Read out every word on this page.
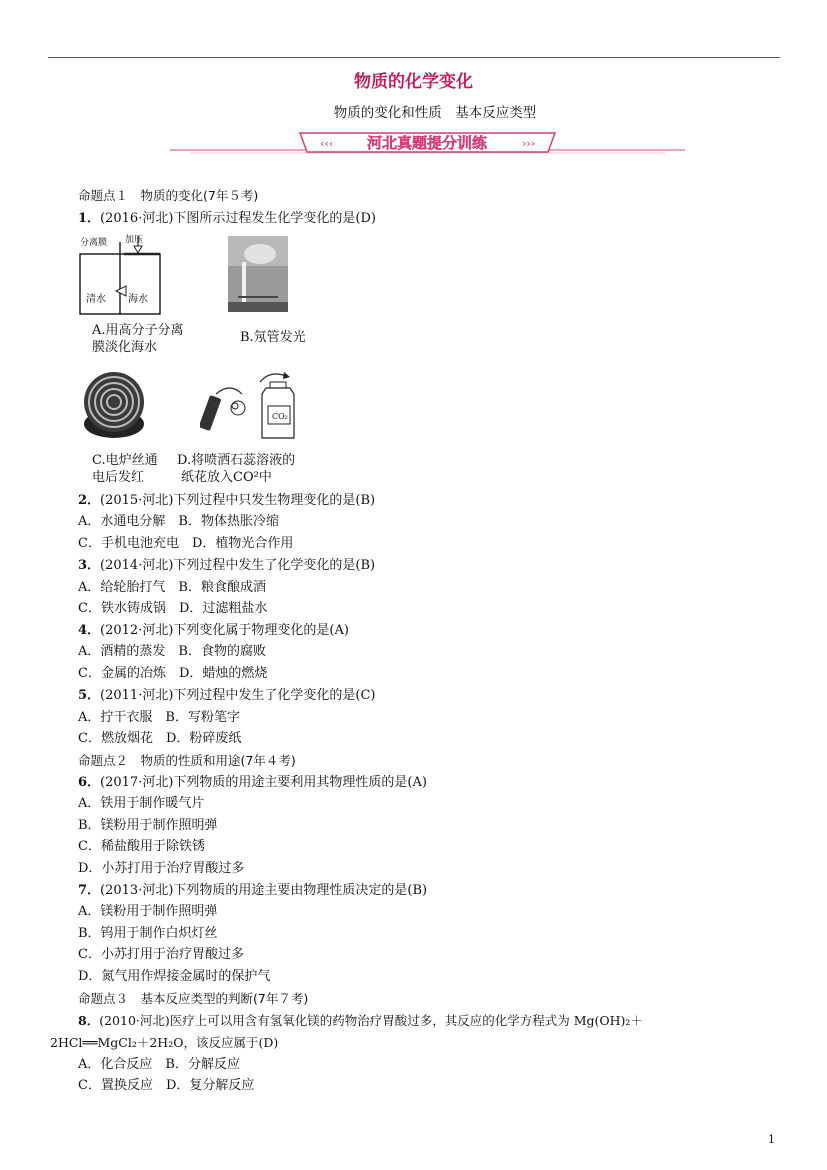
物质的化学变化
物质的变化和性质　基本反应类型
‹‹‹	›››
河北真题提分训练
命题点１　物质的变化(7年５考)
1．(2016·河北)下图所示过程发生化学变化的是(D)
分离膜 加压
清水 海水
A.用高分子分离
膜淡化海水
B.氖管发光
CO₂
C.电炉丝通
电后发红
D.将喷洒石蕊溶液的
纸花放入CO²中
2．(2015·河北)下列过程中只发生物理变化的是(B)
A．水通电分解　B．物体热胀冷缩
C．手机电池充电　D．植物光合作用
3．(2014·河北)下列过程中发生了化学变化的是(B)
A．给轮胎打气　B．粮食酿成酒
C．铁水铸成锅　D．过滤粗盐水
4．(2012·河北)下列变化属于物理变化的是(A)
A．酒精的蒸发　B．食物的腐败
C．金属的冶炼　D．蜡烛的燃烧
5．(2011·河北)下列过程中发生了化学变化的是(C)
A．拧干衣服　B．写粉笔字
C．燃放烟花　D．粉碎废纸
命题点２　物质的性质和用途(7年４考)
6．(2017·河北)下列物质的用途主要利用其物理性质的是(A)
A．铁用于制作暖气片
B．镁粉用于制作照明弹
C．稀盐酸用于除铁锈
D．小苏打用于治疗胃酸过多
7．(2013·河北)下列物质的用途主要由物理性质决定的是(B)
A．镁粉用于制作照明弹
B．钨用于制作白炽灯丝
C．小苏打用于治疗胃酸过多
D．氮气用作焊接金属时的保护气
命题点３　基本反应类型的判断(7年７考)
8．(2010·河北)医疗上可以用含有氢氧化镁的药物治疗胃酸过多，其反应的化学方程式为 Mg(OH)₂＋
2HCl══MgCl₂＋2H₂O，该反应属于(D)
A．化合反应　B．分解反应
C．置换反应　D．复分解反应
1
